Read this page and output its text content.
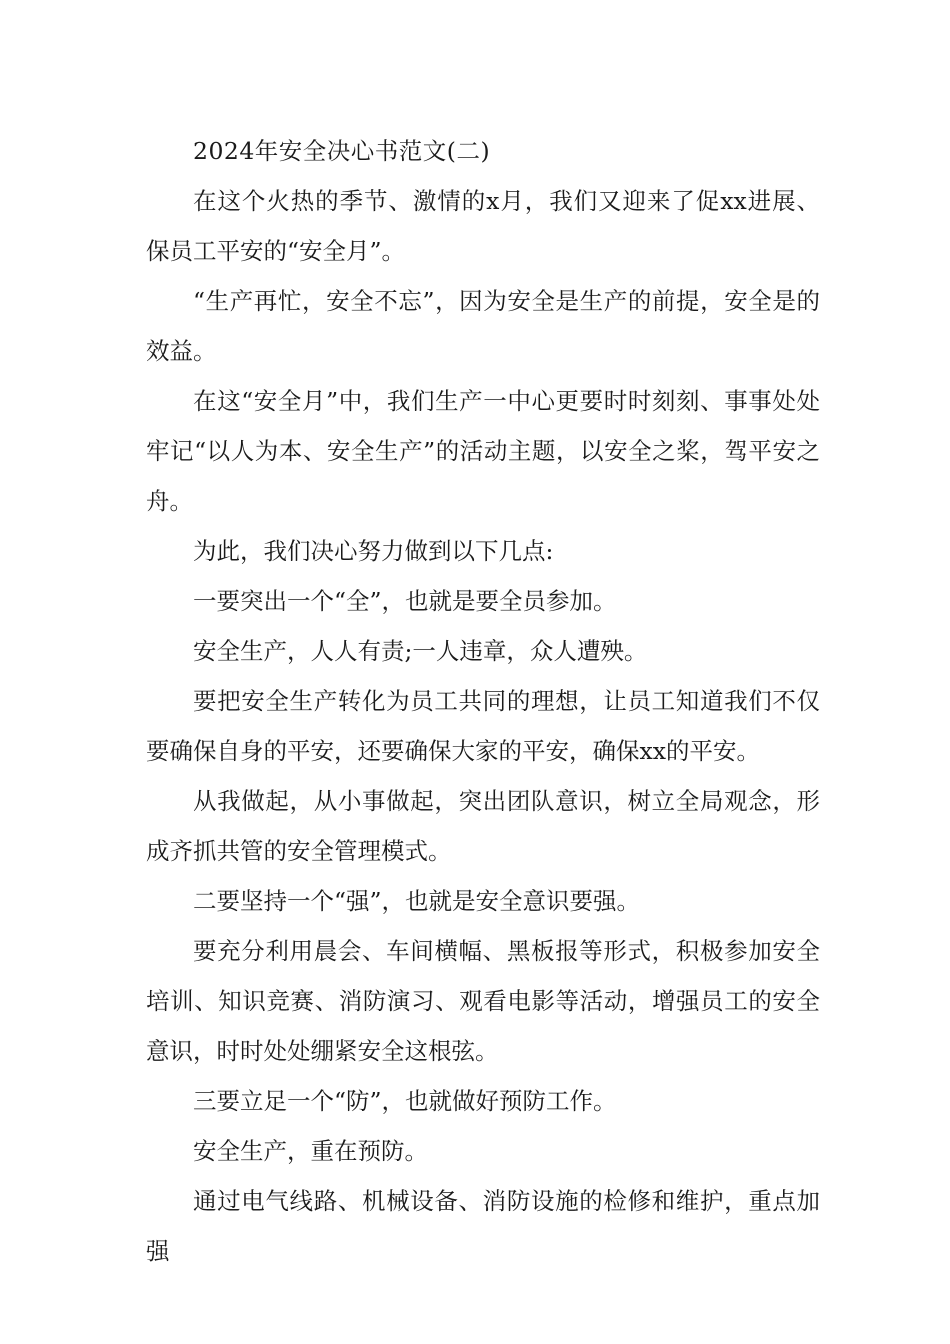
2024年安全决心书范文(二)

在这个火热的季节、激情的x月，我们又迎来了促xx进展、保员工平安的“安全月”。

“生产再忙，安全不忘”，因为安全是生产的前提，安全是的效益。

在这“安全月”中，我们生产一中心更要时时刻刻、事事处处牢记“以人为本、安全生产”的活动主题，以安全之桨，驾平安之舟。

为此，我们决心努力做到以下几点:

一要突出一个“全”，也就是要全员参加。

安全生产，人人有责;一人违章，众人遭殃。

要把安全生产转化为员工共同的理想，让员工知道我们不仅要确保自身的平安，还要确保大家的平安，确保xx的平安。

从我做起，从小事做起，突出团队意识，树立全局观念，形成齐抓共管的安全管理模式。

二要坚持一个“强”，也就是安全意识要强。

要充分利用晨会、车间横幅、黑板报等形式，积极参加安全培训、知识竞赛、消防演习、观看电影等活动，增强员工的安全意识，时时处处绷紧安全这根弦。

三要立足一个“防”，也就做好预防工作。

安全生产，重在预防。

通过电气线路、机械设备、消防设施的检修和维护，重点加强
